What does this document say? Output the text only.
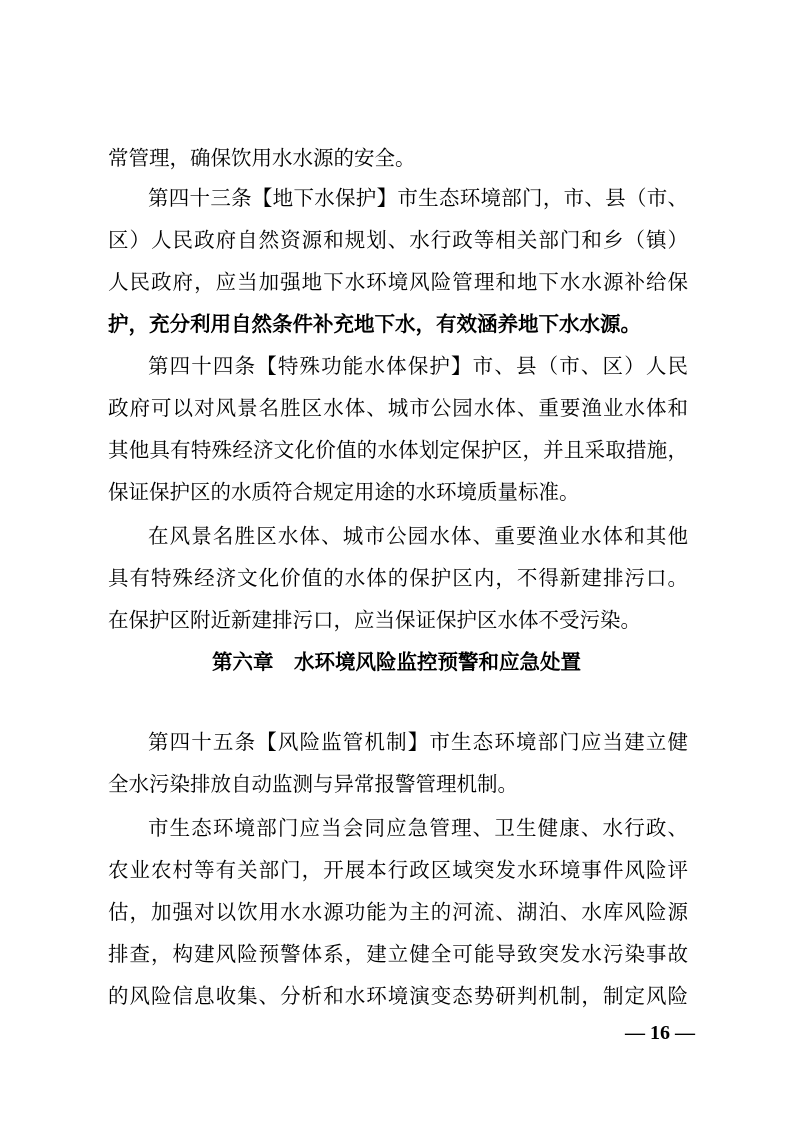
常管理，确保饮用水水源的安全。
第四十三条【地下水保护】市生态环境部门，市、县（市、
区）人民政府自然资源和规划、水行政等相关部门和乡（镇）
人民政府，应当加强地下水环境风险管理和地下水水源补给保
护，充分利用自然条件补充地下水，有效涵养地下水水源。
第四十四条【特殊功能水体保护】市、县（市、区）人民
政府可以对风景名胜区水体、城市公园水体、重要渔业水体和
其他具有特殊经济文化价值的水体划定保护区，并且采取措施，
保证保护区的水质符合规定用途的水环境质量标准。
在风景名胜区水体、城市公园水体、重要渔业水体和其他
具有特殊经济文化价值的水体的保护区内，不得新建排污口。
在保护区附近新建排污口，应当保证保护区水体不受污染。
第六章　水环境风险监控预警和应急处置
第四十五条【风险监管机制】市生态环境部门应当建立健
全水污染排放自动监测与异常报警管理机制。
市生态环境部门应当会同应急管理、卫生健康、水行政、
农业农村等有关部门，开展本行政区域突发水环境事件风险评
估，加强对以饮用水水源功能为主的河流、湖泊、水库风险源
排查，构建风险预警体系，建立健全可能导致突发水污染事故
的风险信息收集、分析和水环境演变态势研判机制，制定风险
— 16 —
